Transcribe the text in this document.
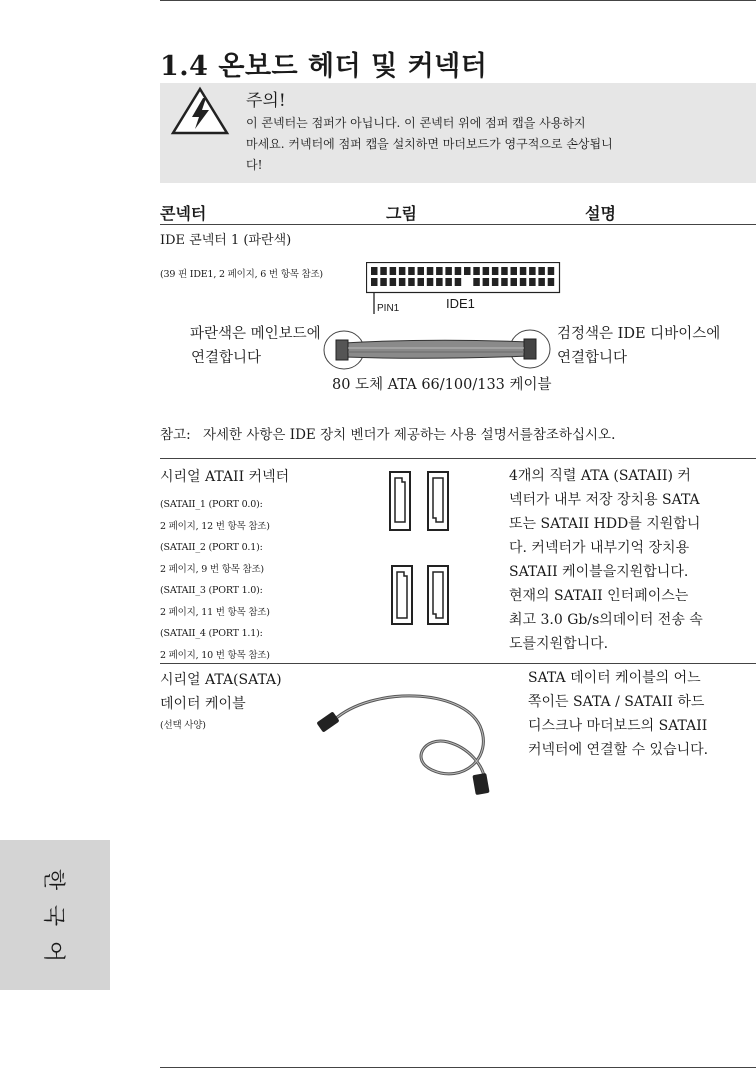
1.4 온보드 헤더 및 커넥터
주의!
이 콘넥터는 점퍼가 아닙니다. 이 콘넥터 위에 점퍼 캡을 사용하지
마세요. 커넥터에 점퍼 캡을 설치하면 마더보드가 영구적으로 손상됩니
다!
콘넥터	그림	설명
IDE 콘넥터 1 (파란색)
(39 핀 IDE1, 2 페이지, 6 번 항목 참조)
PIN1	IDE1
파란색은 메인보드에
연결합니다
검정색은 IDE 디바이스에
연결합니다
80 도체 ATA 66/100/133 케이블
참고: 자세한 사항은 IDE 장치 벤더가 제공하는 사용 설명서를참조하십시오.
시리얼 ATAII 커넥터
(SATAII_1 (PORT 0.0):
2 페이지, 12 번 항목 참조)
(SATAII_2 (PORT 0.1):
2 페이지, 9 번 항목 참조)
(SATAII_3 (PORT 1.0):
2 페이지, 11 번 항목 참조)
(SATAII_4 (PORT 1.1):
2 페이지, 10 번 항목 참조)
4개의 직렬 ATA (SATAII) 커
넥터가 내부 저장 장치용 SATA
또는 SATAII HDD를 지원합니
다. 커넥터가 내부기억 장치용
SATAII 케이블을지원합니다.
현재의 SATAII 인터페이스는
최고 3.0 Gb/s의데이터 전송 속
도를지원합니다.
시리얼 ATA(SATA)
데이터 케이블
(선택 사양)
SATA 데이터 케이블의 어느
쪽이든 SATA / SATAII 하드
디스크나 마더보드의 SATAII
커넥터에 연결할 수 있습니다.
한
국
어
